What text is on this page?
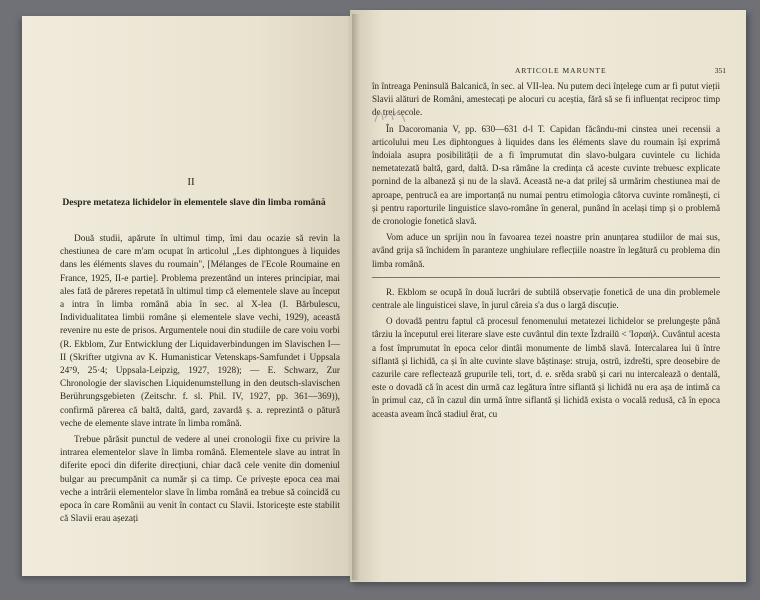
II
Despre metateza lichidelor în elementele slave din limba română

Două studii, apărute în ultimul timp, îmi dau ocazie să revin la chestiunea de care m'am ocupat în articolul „Les diphtongues à liquides dans les éléments slaves du roumain", [Mélanges de l'Ecole Roumaine en France, 1925, II-e partie]. Problema prezentând un interes principiar, mai ales fată de păreres repetată în ultimul timp că elementele slave au început a intra în limba română abia în sec. al X-lea (I. Bărbulescu, Individualitatea limbii române și elementele slave vechi, 1929), această revenire nu este de prisos. Argumentele noui din studiile de care voiu vorbi (R. Ekblom, Zur Entwicklung der Liquidaverbindungen im Slavischen I—II (Skrifter utgivna av K. Humanisticar Vetenskaps-Samfundet i Uppsala 24⁷9, 25·4; Uppsala-Leipzig, 1927, 1928); — E. Schwarz, Zur Chronologie der slavischen Liquidenumstellung in den deutsch-slavischen Berührungsgebieten (Zeitschr. f. sl. Phil. IV, 1927, pp. 361—369)), confirmă părerea că baltă, daltă, gard, zavardă ș. a. reprezintă o pătură veche de elemente slave intrate în limba română.

Trebue părăsit punctul de vedere al unei cronologii fixe cu privire la intrarea elementelor slave în limba română. Elementele slave au intrat în diferite epoci din diferite direcțiuni, chiar dacă cele venite din domeniul bulgar au precumpănit ca număr și ca timp. Ce privește epoca cea mai veche a intrării elementelor slave în limba română ea trebue să coincidă cu epoca în care Românii au venit în contact cu Slavii. Istoricește este stabilit că Slavii erau așezați

ARTICOLE MARUNTE	351

în întreaga Peninsulă Balcanică, în sec. al VII-lea. Nu putem deci înțelege cum ar fi putut vieții Slavii alături de Români, amestecați pe alocuri cu aceștia, fără să se fi influențat reciproc timp de trei secole.

În Dacoromania V, pp. 630—631 d-l T. Capidan făcându-mi cinstea unei recensii a articolului meu Les diphtongues à liquides dans les éléments slave du roumain își exprimă îndoiala asupra posibilității de a fi împrumutat din slavo-bulgara cuvintele cu lichida nemetatezată baltă, gard, daltă. D-sa rămâne la credința că aceste cuvinte trebuesc explicate pornind de la albaneză și nu de la slavă. Această ne-a dat prilej să urmărim chestiunea mai de aproape, pentrucă ea are importanță nu numai pentru etimologia câtorva cuvinte românești, ci și pentru raporturile linguistice slavo-române în general, punând în același timp și o problemă de cronologie fonetică slavă.

Vom aduce un sprijin nou în favoarea tezei noastre prin anunțarea studiilor de mai sus, având grija să închidem în paranteze unghiulare reflecțiile noastre în legătură cu problema din limba română.

R. Ekblom se ocupă în două lucrări de subtilă observație fonetică de una din problemele centrale ale linguisticei slave, în jurul căreia s'a dus o largă discuție.

O dovadă pentru faptul că procesul fenomenului metatezei lichidelor se prelungește până târziu la începutul erei literare slave este cuvântul din texte Ïzdrailŭ < 'Ισραήλ. Cuvântul acesta a fost împrumutat în epoca celor dintâi monumente de limbă slavă. Intercalarea lui ŭ între siflantă și lichidă, ca și în alte cuvinte slave băștinașe: struja, ostrŭ, izdrešti, spre deosebire de cazurile care reflectează grupurile teli, tort, d. e. srěda srabŭ și cari nu intercalează o dentală, este o dovadă că în acest din urmă caz legătura între siflantă și lichidă nu era așa de intimă ca în primul caz, că în cazul din urmă între siflantă și lichidă exista o vocală redusă, că în epoca aceasta aveam încă stadiul ĕrat, cu
